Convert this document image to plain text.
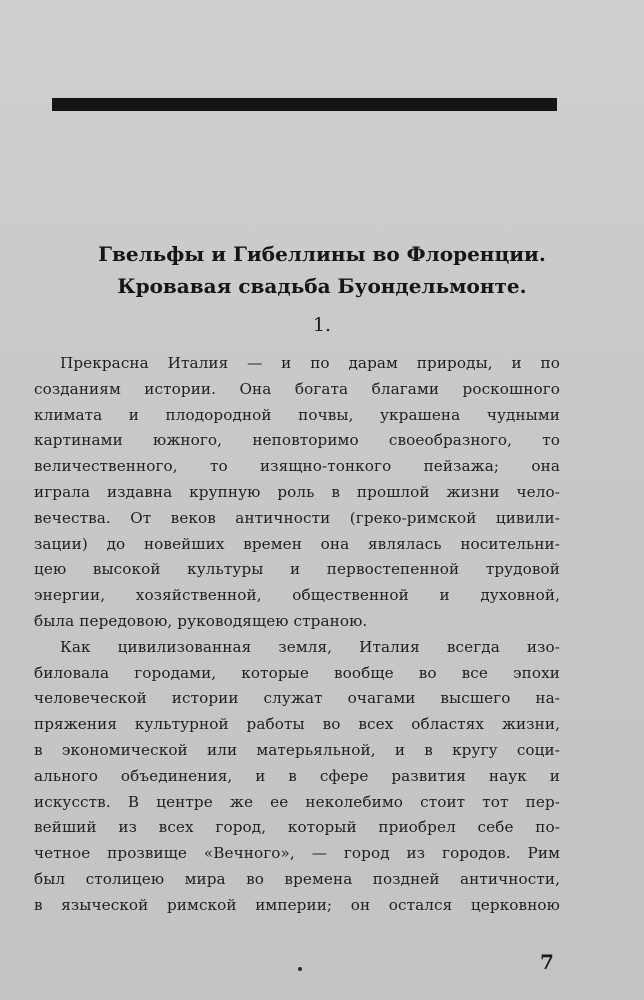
Гвельфы и Гибеллины во Флоренции.
Кровавая свадьба Буондельмонте.
1.
Прекрасна Италия — и по дарам природы, и по
созданиям истории. Она богата благами роскошного
климата и плодородной почвы, украшена чудными
картинами южного, неповторимо своеобразного, то
величественного, то изящно-тонкого пейзажа; она
играла издавна крупную роль в прошлой жизни чело-
вечества. От веков античности (греко-римской цивили-
зации) до новейших времен она являлась носительни-
цею высокой культуры и первостепенной трудовой
энергии, хозяйственной, общественной и духовной,
была передовою, руководящею страною.
Как цивилизованная земля, Италия всегда изо-
биловала городами, которые вообще во все эпохи
человеческой истории служат очагами высшего на-
пряжения культурной работы во всех областях жизни,
в экономической или матерьяльной, и в кругу соци-
ального объединения, и в сфере развития наук и
искусств. В центре же ее неколебимо стоит тот пер-
вейший из всех город, который приобрел себе по-
четное прозвище «Вечного», — город из городов. Рим
был столицею мира во времена поздней античности,
в языческой римской империи; он остался церковною
7
